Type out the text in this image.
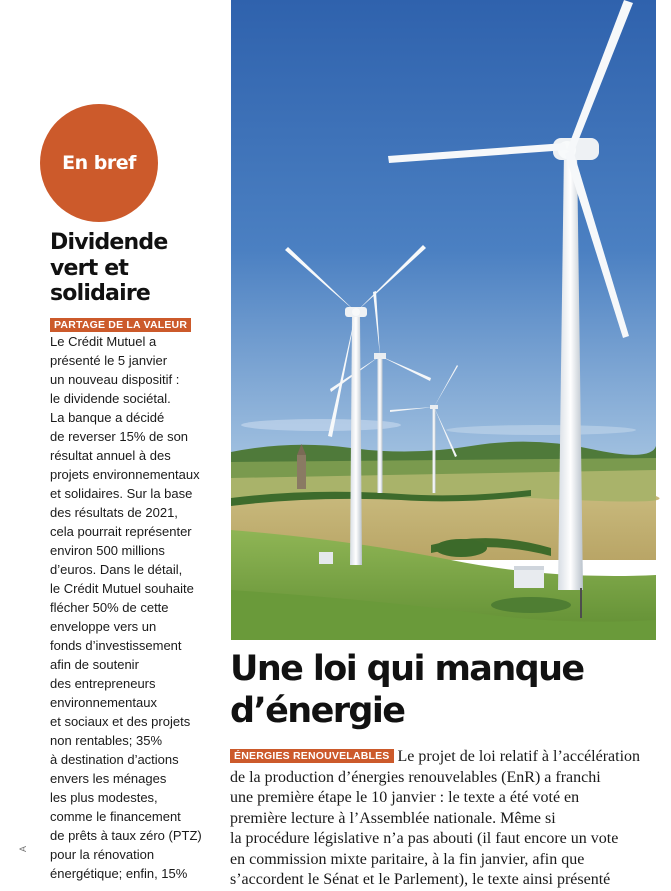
En bref
Dividende
vert et
solidaire
PARTAGE DE LA VALEUR
Le Crédit Mutuel a
présenté le 5 janvier
un nouveau dispositif :
le dividende sociétal.
La banque a décidé
de reverser 15% de son
résultat annuel à des
projets environnementaux
et solidaires. Sur la base
des résultats de 2021,
cela pourrait représenter
environ 500 millions
d’euros. Dans le détail,
le Crédit Mutuel souhaite
flécher 50% de cette
enveloppe vers un
fonds d’investissement
afin de soutenir
des entrepreneurs
environnementaux
et sociaux et des projets
non rentables; 35%
à destination d’actions
envers les ménages
les plus modestes,
comme le financement
de prêts à taux zéro (PTZ)
pour la rénovation
énergétique; enfin, 15%
A
Une loi qui manque
d’énergie
ÉNERGIES RENOUVELABLES Le projet de loi relatif à l’accélération
de la production d’énergies renouvelables (EnR) a franchi
une première étape le 10 janvier : le texte a été voté en
première lecture à l’Assemblée nationale. Même si
la procédure législative n’a pas abouti (il faut encore un vote
en commission mixte paritaire, à la fin janvier, afin que
s’accordent le Sénat et le Parlement), le texte ainsi présenté
